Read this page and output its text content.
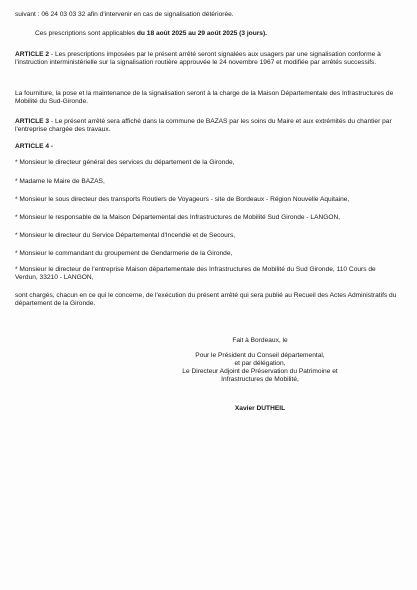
suivant : 06 24 03 03 32 afin d'intervenir en cas de signalisation détériorée.

Ces prescriptions sont applicables du 18 août 2025 au 29 août 2025 (3 jours).

ARTICLE 2 - Les prescriptions imposées par le présent arrêté seront signalées aux usagers par une signalisation conforme à l'instruction interministérielle sur la signalisation routière approuvée le 24 novembre 1967 et modifiée par arrêtés successifs.

La fourniture, la pose et la maintenance de la signalisation seront à la charge de la Maison Départementale des Infrastructures de Mobilité du Sud-Gironde.

ARTICLE 3 - Le présent arrêté sera affiché dans la commune de BAZAS par les soins du Maire et aux extrémités du chantier par l'entreprise chargée des travaux.

ARTICLE 4 -

* Monsieur le directeur général des services du département de la Gironde,

* Madame le Maire de BAZAS,

* Monsieur le sous directeur des transports Routiers de Voyageurs - site de Bordeaux - Région Nouvelle Aquitaine,

* Monsieur le responsable de la Maison Départemental des Infrastructures de Mobilité Sud Gironde - LANGON,

* Monsieur le directeur du Service Départemental d'Incendie et de Secours,

* Monsieur le commandant du groupement de Gendarmerie de la Gironde,

* Monsieur le directeur de l'entreprise Maison départementale des Infrastructures de Mobilité du Sud Gironde, 110 Cours de Verdun, 33210 - LANGON,

sont chargés, chacun en ce qui le concerne, de l'exécution du présent arrêté qui sera publié au Recueil des Actes Administratifs du département de la Gironde.

Fait à Bordeaux, le

Pour le Président du Conseil départemental,

et par délégation,

Le Directeur Adjoint de Préservation du Patrimoine et

Infrastructures de Mobilité,

Xavier DUTHEIL
